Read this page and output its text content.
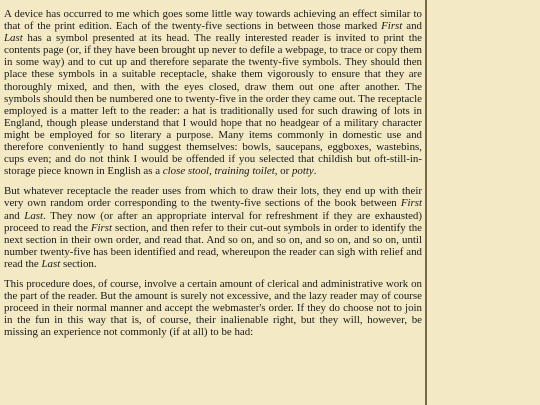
A device has occurred to me which goes some little way towards achieving an effect similar to that of the print edition. Each of the twenty-five sections in between those marked First and Last has a symbol presented at its head. The really interested reader is invited to print the contents page (or, if they have been brought up never to defile a webpage, to trace or copy them in some way) and to cut up and therefore separate the twenty-five symbols. They should then place these symbols in a suitable receptacle, shake them vigorously to ensure that they are thoroughly mixed, and then, with the eyes closed, draw them out one after another. The symbols should then be numbered one to twenty-five in the order they came out. The receptacle employed is a matter left to the reader: a hat is traditionally used for such drawing of lots in England, though please understand that I would hope that no headgear of a military character might be employed for so literary a purpose. Many items commonly in domestic use and therefore conveniently to hand suggest themselves: bowls, saucepans, eggboxes, wastebins, cups even; and do not think I would be offended if you selected that childish but oft-still-in-storage piece known in English as a close stool, training toilet, or potty.

But whatever receptacle the reader uses from which to draw their lots, they end up with their very own random order corresponding to the twenty-five sections of the book between First and Last. They now (or after an appropriate interval for refreshment if they are exhausted) proceed to read the First section, and then refer to their cut-out symbols in order to identify the next section in their own order, and read that. And so on, and so on, and so on, and so on, until number twenty-five has been identified and read, whereupon the reader can sigh with relief and read the Last section.

This procedure does, of course, involve a certain amount of clerical and administrative work on the part of the reader. But the amount is surely not excessive, and the lazy reader may of course proceed in their normal manner and accept the webmaster's order. If they do choose not to join in the fun in this way that is, of course, their inalienable right, but they will, however, be missing an experience not commonly (if at all) to be had:
